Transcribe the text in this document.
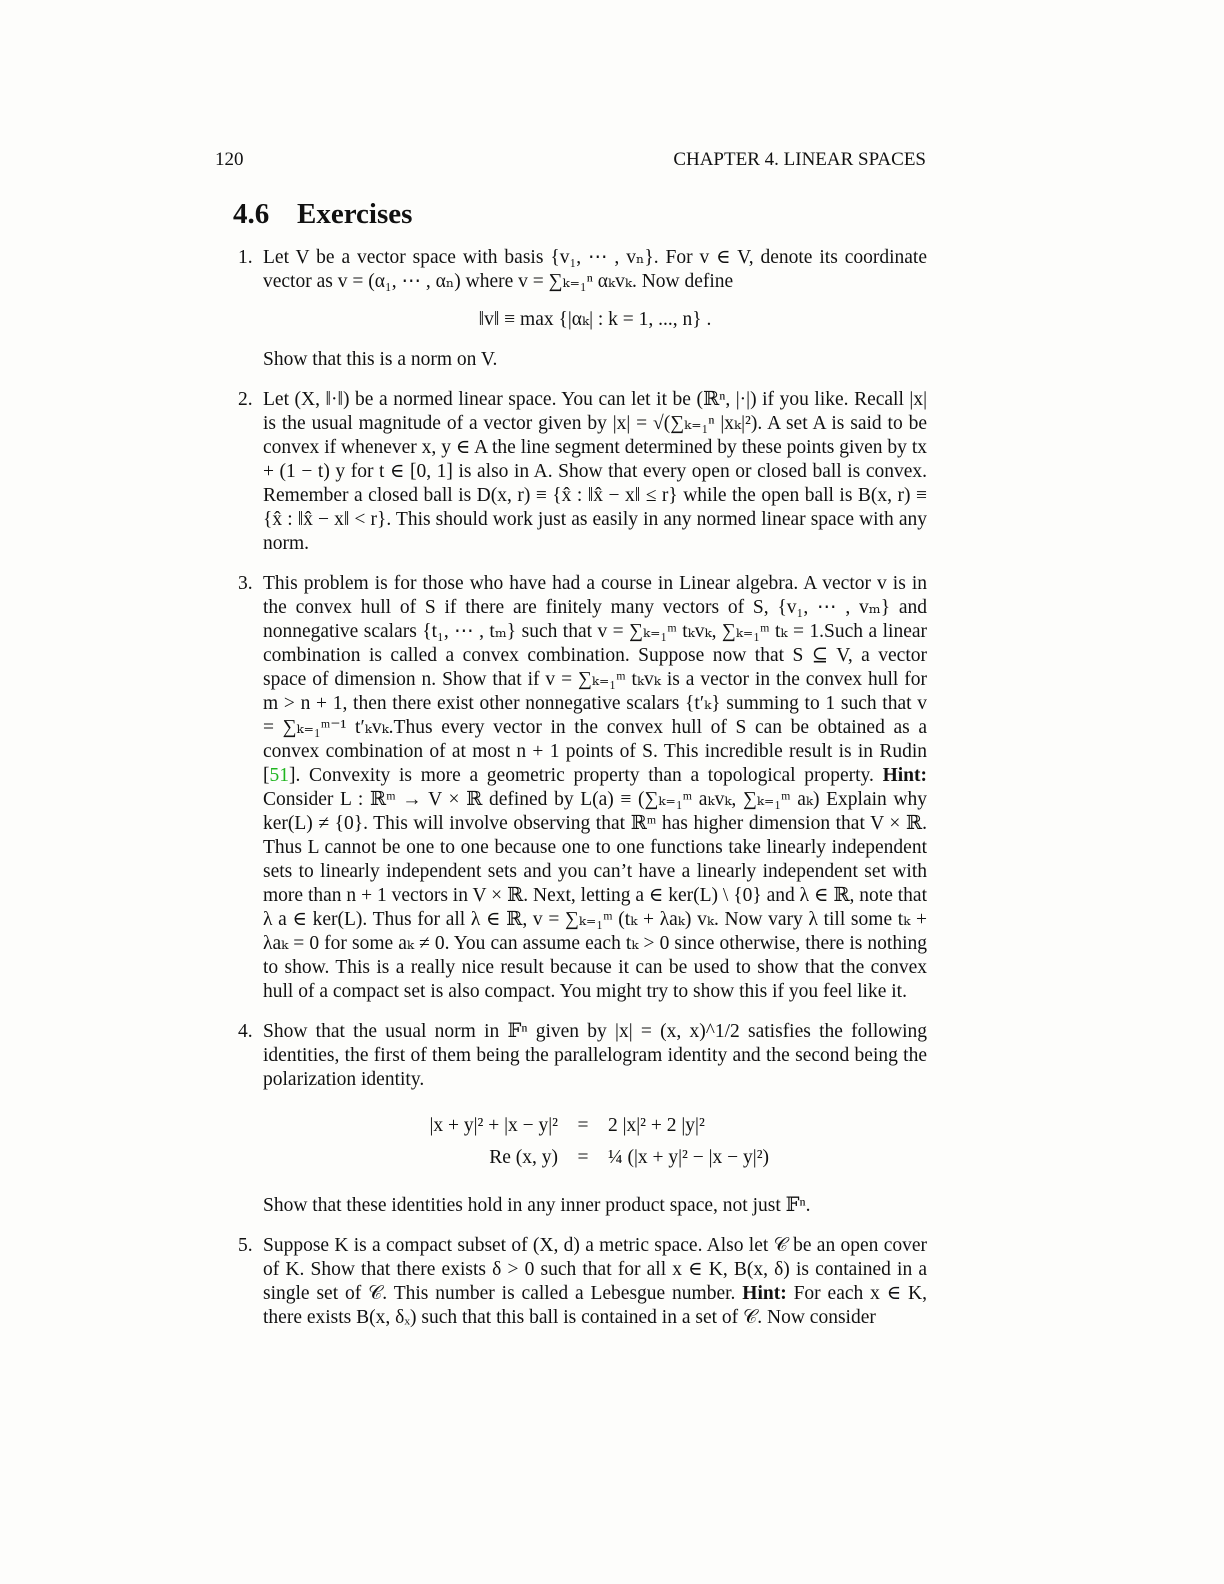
120	CHAPTER 4. LINEAR SPACES
4.6 Exercises
1. Let V be a vector space with basis {v₁, ⋯ , vₙ}. For v ∈ V, denote its coordinate vector as v = (α₁, ⋯ , αₙ) where v = ∑ₖ₌₁ⁿ αₖvₖ. Now define

‖v‖ ≡ max {|αₖ| : k = 1, ..., n} .

Show that this is a norm on V.

2. Let (X, ‖·‖) be a normed linear space. You can let it be (ℝⁿ, |·|) if you like. Recall |x| is the usual magnitude of a vector given by |x| = √(∑ₖ₌₁ⁿ |xₖ|²). A set A is said to be convex if whenever x, y ∈ A the line segment determined by these points given by tx + (1 − t) y for t ∈ [0, 1] is also in A. Show that every open or closed ball is convex. Remember a closed ball is D(x, r) ≡ {x̂ : ‖x̂ − x‖ ≤ r} while the open ball is B(x, r) ≡ {x̂ : ‖x̂ − x‖ < r}. This should work just as easily in any normed linear space with any norm.

3. This problem is for those who have had a course in Linear algebra. A vector v is in the convex hull of S if there are finitely many vectors of S, {v₁, ⋯ , vₘ} and nonnegative scalars {t₁, ⋯ , tₘ} such that v = ∑ₖ₌₁ᵐ tₖvₖ, ∑ₖ₌₁ᵐ tₖ = 1.Such a linear combination is called a convex combination. Suppose now that S ⊆ V, a vector space of dimension n. Show that if v = ∑ₖ₌₁ᵐ tₖvₖ is a vector in the convex hull for m > n + 1, then there exist other nonnegative scalars {t′ₖ} summing to 1 such that v = ∑ₖ₌₁ᵐ⁻¹ t′ₖvₖ.Thus every vector in the convex hull of S can be obtained as a convex combination of at most n + 1 points of S. This incredible result is in Rudin [51]. Convexity is more a geometric property than a topological property. Hint: Consider L : ℝᵐ → V × ℝ defined by L(a) ≡ (∑ₖ₌₁ᵐ aₖvₖ, ∑ₖ₌₁ᵐ aₖ) Explain why ker(L) ≠ {0}. This will involve observing that ℝᵐ has higher dimension that V × ℝ. Thus L cannot be one to one because one to one functions take linearly independent sets to linearly independent sets and you can’t have a linearly independent set with more than n + 1 vectors in V × ℝ. Next, letting a ∈ ker(L) \ {0} and λ ∈ ℝ, note that λ a ∈ ker(L). Thus for all λ ∈ ℝ, v = ∑ₖ₌₁ᵐ (tₖ + λaₖ) vₖ. Now vary λ till some tₖ + λaₖ = 0 for some aₖ ≠ 0. You can assume each tₖ > 0 since otherwise, there is nothing to show. This is a really nice result because it can be used to show that the convex hull of a compact set is also compact. You might try to show this if you feel like it.

4. Show that the usual norm in 𝔽ⁿ given by |x| = (x, x)^1/2 satisfies the following identities, the first of them being the parallelogram identity and the second being the polarization identity.

|x + y|² + |x − y|²	=	2 |x|² + 2 |y|²
Re (x, y)	=	¼ (|x + y|² − |x − y|²)

Show that these identities hold in any inner product space, not just 𝔽ⁿ.

5. Suppose K is a compact subset of (X, d) a metric space. Also let 𝒞 be an open cover of K. Show that there exists δ > 0 such that for all x ∈ K, B(x, δ) is contained in a single set of 𝒞. This number is called a Lebesgue number. Hint: For each x ∈ K, there exists B(x, δₓ) such that this ball is contained in a set of 𝒞. Now consider
